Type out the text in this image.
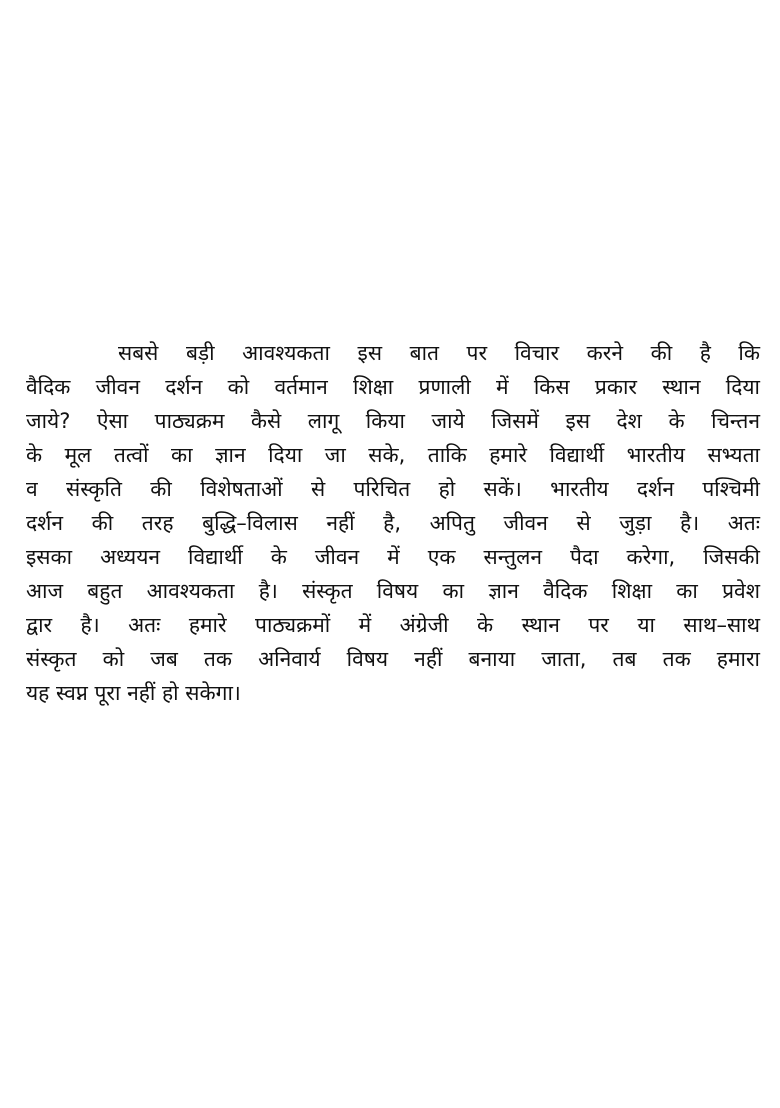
सबसे बड़ी आवश्यकता इस बात पर विचार करने की है कि
वैदिक जीवन दर्शन को वर्तमान शिक्षा प्रणाली में किस प्रकार स्थान दिया
जाये? ऐसा पाठ्यक्रम कैसे लागू किया जाये जिसमें इस देश के चिन्तन
के मूल तत्वों का ज्ञान दिया जा सके, ताकि हमारे विद्यार्थी भारतीय सभ्यता
व संस्कृति की विशेषताओं से परिचित हो सकें। भारतीय दर्शन पश्चिमी
दर्शन की तरह बुद्धि–विलास नहीं है, अपितु जीवन से जुड़ा है। अतः
इसका अध्ययन विद्यार्थी के जीवन में एक सन्तुलन पैदा करेगा, जिसकी
आज बहुत आवश्यकता है। संस्कृत विषय का ज्ञान वैदिक शिक्षा का प्रवेश
द्वार है। अतः हमारे पाठ्यक्रमों में अंग्रेजी के स्थान पर या साथ–साथ
संस्कृत को जब तक अनिवार्य विषय नहीं बनाया जाता, तब तक हमारा
यह स्वप्न पूरा नहीं हो सकेगा।
